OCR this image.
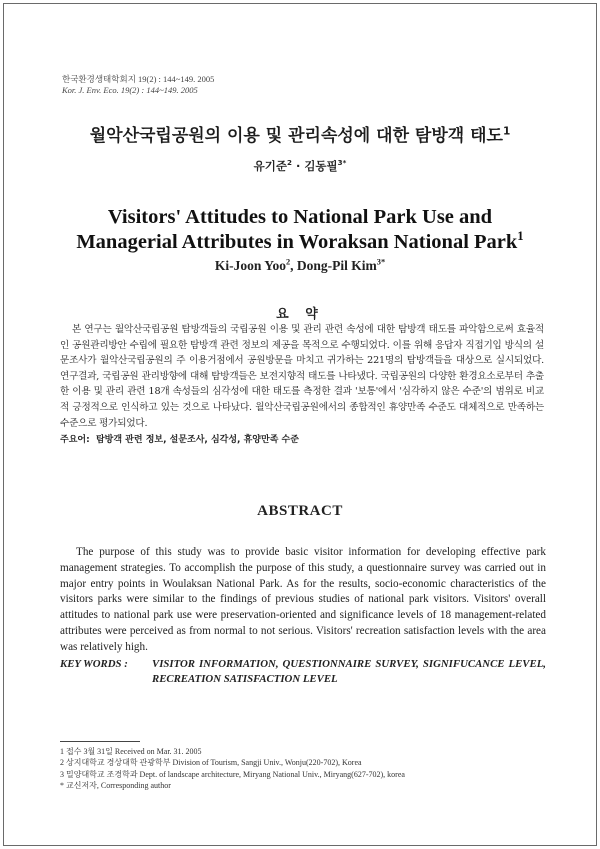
한국환경생태학회지 19(2) : 144~149. 2005
Kor. J. Env. Eco. 19(2) : 144~149. 2005
월악산국립공원의 이용 및 관리속성에 대한 탐방객 태도$^1$
유기준$^2$ · 김동필$^{3*}$
Visitors' Attitudes to National Park Use and
Managerial Attributes in Woraksan National Park$^1$
Ki-Joon Yoo$^2$, Dong-Pil Kim$^{3*}$
요 약

본 연구는 월악산국립공원 탐방객들의 국립공원 이용 및 관리 관련 속성에 대한 탐방객 태도를 파악함으로써 효율적인 공원관리방안 수립에 필요한 탐방객 관련 정보의 제공을 목적으로 수행되었다. 이를 위해 응답자 직접기입 방식의 설문조사가 월악산국립공원의 주 이용거점에서 공원방문을 마치고 귀가하는 221명의 탐방객들을 대상으로 실시되었다. 연구결과, 국립공원 관리방향에 대해 탐방객들은 보전지향적 태도를 나타냈다. 국립공원의 다양한 환경요소로부터 추출한 이용 및 관리 관련 18개 속성들의 심각성에 대한 태도를 측정한 결과 '보통'에서 '심각하지 않은 수준'의 범위로 비교적 긍정적으로 인식하고 있는 것으로 나타났다. 월악산국립공원에서의 종합적인 휴양만족 수준도 대체적으로 만족하는 수준으로 평가되었다.

주요어: 탐방객 관련 정보, 설문조사, 심각성, 휴양만족 수준
ABSTRACT

The purpose of this study was to provide basic visitor information for developing effective park management strategies. To accomplish the purpose of this study, a questionnaire survey was carried out in major entry points in Woulaksan National Park. As for the results, socio-economic characteristics of the visitors parks were similar to the findings of previous studies of national park visitors. Visitors' overall attitudes to national park use were preservation-oriented and significance levels of 18 management-related attributes were perceived as from normal to not serious. Visitors' recreation satisfaction levels with the area was relatively high.

KEY WORDS :	VISITOR INFORMATION, QUESTIONNAIRE SURVEY, SIGNIFUCANCE LEVEL, RECREATION SATISFACTION LEVEL
1 접수 3월 31일 Received on Mar. 31. 2005
2 상지대학교 경상대학 관광학부 Division of Tourism, Sangji Univ., Wonju(220-702), Korea
3 밀양대학교 조경학과 Dept. of landscape architecture, Miryang National Univ., Miryang(627-702), korea
* 교신저자, Corresponding author
